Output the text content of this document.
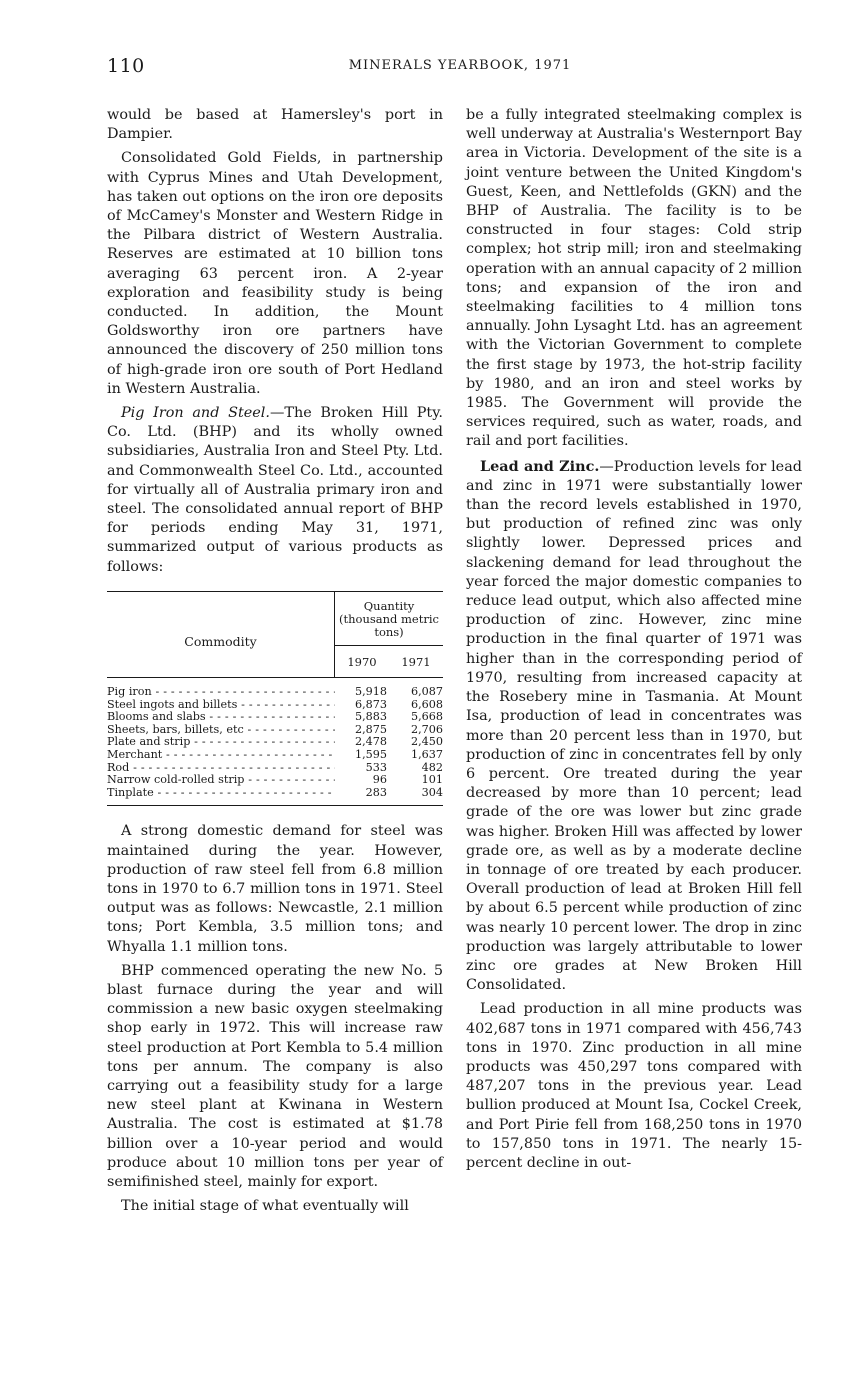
110	MINERALS YEARBOOK, 1971

would be based at Hamersley's port in Dampier.

Consolidated Gold Fields, in partnership with Cyprus Mines and Utah Development, has taken out options on the iron ore deposits of McCamey's Monster and Western Ridge in the Pilbara district of Western Australia. Reserves are estimated at 10 billion tons averaging 63 percent iron. A 2-year exploration and feasibility study is being conducted. In addition, the Mount Goldsworthy iron ore partners have announced the discovery of 250 million tons of high-grade iron ore south of Port Hedland in Western Australia.

Pig Iron and Steel.—The Broken Hill Pty. Co. Ltd. (BHP) and its wholly owned subsidiaries, Australia Iron and Steel Pty. Ltd. and Commonwealth Steel Co. Ltd., accounted for virtually all of Australia primary iron and steel. The consolidated annual report of BHP for periods ending May 31, 1971, summarized output of various products as follows:

Commodity
Quantity (thousand metric tons)
1970	1971
Pig iron - - -	5,918	6,087
Steel ingots and billets - - -	6,873	6,608
Blooms and slabs - - -	5,883	5,668
Sheets, bars, billets, etc - - -	2,875	2,706
Plate and strip - - -	2,478	2,450
Merchant - - -	1,595	1,637
Rod - - -	533	482
Narrow cold-rolled strip - - -	96	101
Tinplate - - -	283	304

A strong domestic demand for steel was maintained during the year. However, production of raw steel fell from 6.8 million tons in 1970 to 6.7 million tons in 1971. Steel output was as follows: Newcastle, 2.1 million tons; Port Kembla, 3.5 million tons; and Whyalla 1.1 million tons.

BHP commenced operating the new No. 5 blast furnace during the year and will commission a new basic oxygen steelmaking shop early in 1972. This will increase raw steel production at Port Kembla to 5.4 million tons per annum. The company is also carrying out a feasibility study for a large new steel plant at Kwinana in Western Australia. The cost is estimated at $1.78 billion over a 10-year period and would produce about 10 million tons per year of semifinished steel, mainly for export.

The initial stage of what eventually will

be a fully integrated steelmaking complex is well underway at Australia's Westernport Bay area in Victoria. Development of the site is a joint venture between the United Kingdom's Guest, Keen, and Nettlefolds (GKN) and the BHP of Australia. The facility is to be constructed in four stages: Cold strip complex; hot strip mill; iron and steelmaking operation with an annual capacity of 2 million tons; and expansion of the iron and steelmaking facilities to 4 million tons annually. John Lysaght Ltd. has an agreement with the Victorian Government to complete the first stage by 1973, the hot-strip facility by 1980, and an iron and steel works by 1985. The Government will provide the services required, such as water, roads, and rail and port facilities.

Lead and Zinc.—Production levels for lead and zinc in 1971 were substantially lower than the record levels established in 1970, but production of refined zinc was only slightly lower. Depressed prices and slackening demand for lead throughout the year forced the major domestic companies to reduce lead output, which also affected mine production of zinc. However, zinc mine production in the final quarter of 1971 was higher than in the corresponding period of 1970, resulting from increased capacity at the Rosebery mine in Tasmania. At Mount Isa, production of lead in concentrates was more than 20 percent less than in 1970, but production of zinc in concentrates fell by only 6 percent. Ore treated during the year decreased by more than 10 percent; lead grade of the ore was lower but zinc grade was higher. Broken Hill was affected by lower grade ore, as well as by a moderate decline in tonnage of ore treated by each producer. Overall production of lead at Broken Hill fell by about 6.5 percent while production of zinc was nearly 10 percent lower. The drop in zinc production was largely attributable to lower zinc ore grades at New Broken Hill Consolidated.

Lead production in all mine products was 402,687 tons in 1971 compared with 456,743 tons in 1970. Zinc production in all mine products was 450,297 tons compared with 487,207 tons in the previous year. Lead bullion produced at Mount Isa, Cockel Creek, and Port Pirie fell from 168,250 tons in 1970 to 157,850 tons in 1971. The nearly 15-percent decline in out-
